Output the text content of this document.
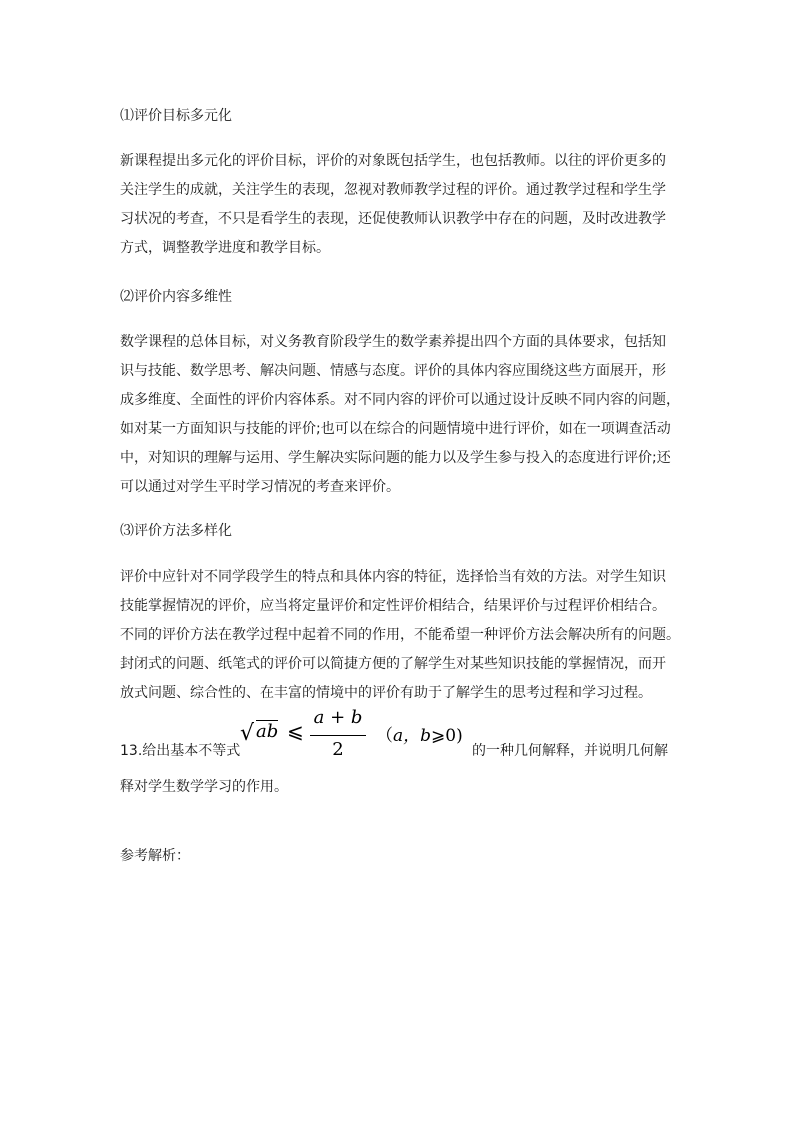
⑴评价目标多元化
新课程提出多元化的评价目标，评价的对象既包括学生，也包括教师。以往的评价更多的
关注学生的成就，关注学生的表现，忽视对教师教学过程的评价。通过教学过程和学生学
习状况的考查，不只是看学生的表现，还促使教师认识教学中存在的问题，及时改进教学
方式，调整教学进度和教学目标。
⑵评价内容多维性
数学课程的总体目标，对义务教育阶段学生的数学素养提出四个方面的具体要求，包括知
识与技能、数学思考、解决问题、情感与态度。评价的具体内容应围绕这些方面展开，形
成多维度、全面性的评价内容体系。对不同内容的评价可以通过设计反映不同内容的问题，
如对某一方面知识与技能的评价;也可以在综合的问题情境中进行评价，如在一项调查活动
中，对知识的理解与运用、学生解决实际问题的能力以及学生参与投入的态度进行评价;还
可以通过对学生平时学习情况的考查来评价。
⑶评价方法多样化
评价中应针对不同学段学生的特点和具体内容的特征，选择恰当有效的方法。对学生知识
技能掌握情况的评价，应当将定量评价和定性评价相结合，结果评价与过程评价相结合。
不同的评价方法在教学过程中起着不同的作用，不能希望一种评价方法会解决所有的问题。
封闭式的问题、纸笔式的评价可以简捷方便的了解学生对某些知识技能的掌握情况，而开
放式问题、综合性的、在丰富的情境中的评价有助于了解学生的思考过程和学习过程。
13.给出基本不等式	的一种几何解释，并说明几何解
√ ab ⩽
a + b
2
（a，b⩾0)
释对学生数学学习的作用。
参考解析：
